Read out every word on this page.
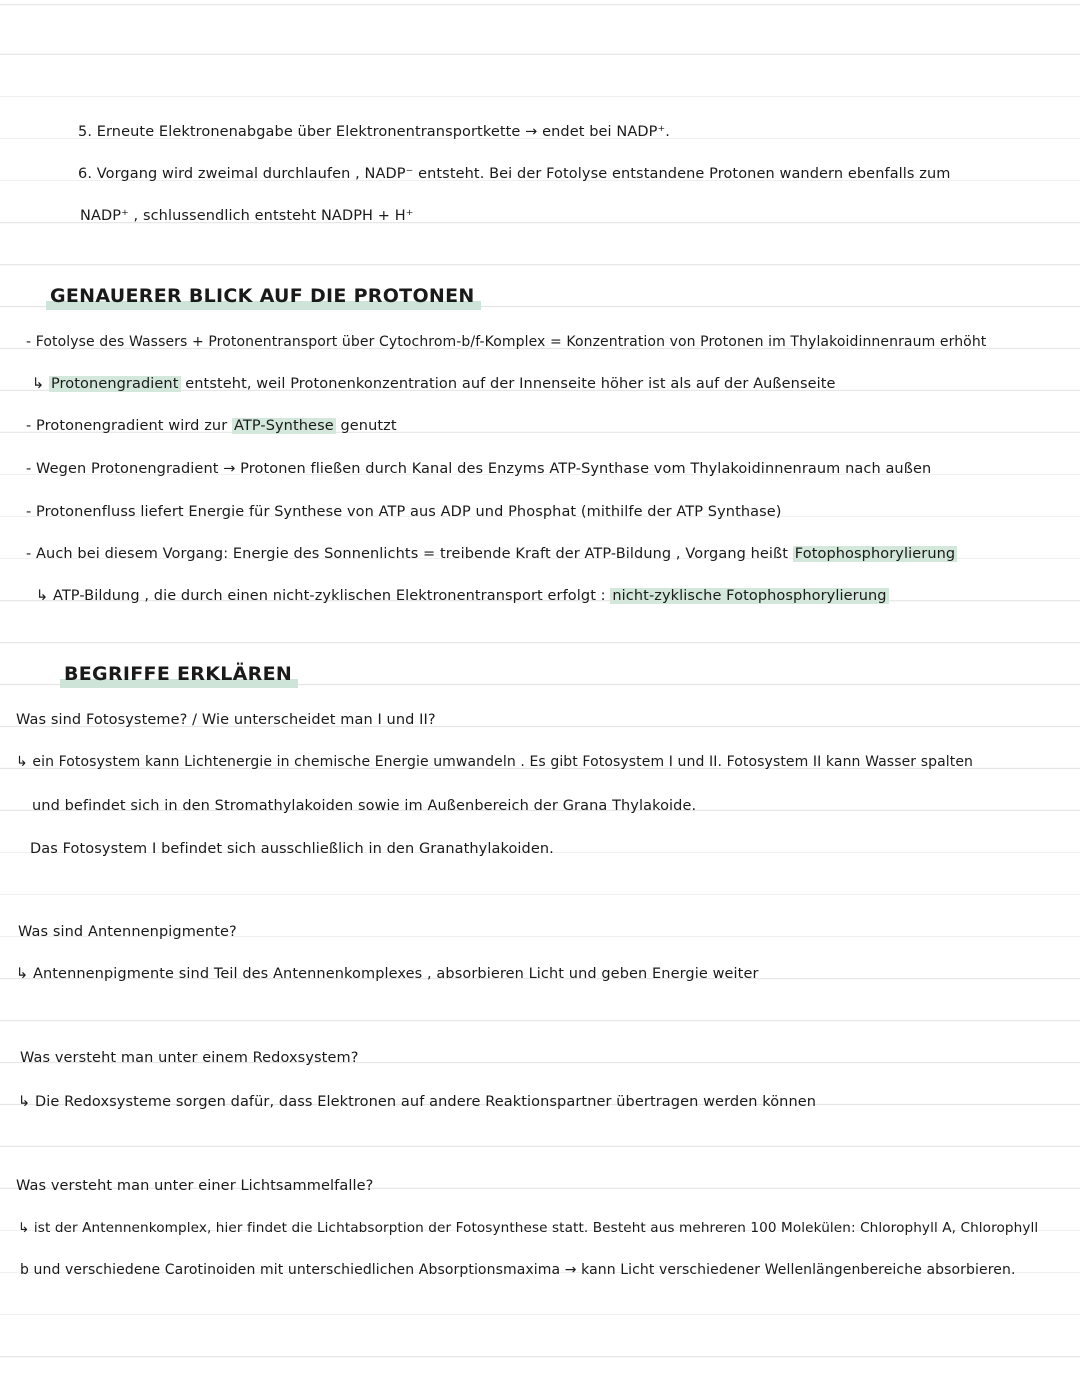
5. Erneute Elektronenabgabe über Elektronentransportkette → endet bei NADP⁺.
6. Vorgang wird zweimal durchlaufen , NADP⁻ entsteht. Bei der Fotolyse entstandene Protonen wandern ebenfalls zum
NADP⁺ , schlussendlich entsteht NADPH + H⁺
GENAUERER BLICK AUF DIE PROTONEN
- Fotolyse des Wassers + Protonentransport über Cytochrom-b/f-Komplex = Konzentration von Protonen im Thylakoidinnenraum erhöht
↳ Protonengradient entsteht, weil Protonenkonzentration auf der Innenseite höher ist als auf der Außenseite
- Protonengradient wird zur ATP-Synthese genutzt
- Wegen Protonengradient → Protonen fließen durch Kanal des Enzyms ATP-Synthase vom Thylakoidinnenraum nach außen
- Protonenfluss liefert Energie für Synthese von ATP aus ADP und Phosphat (mithilfe der ATP Synthase)
- Auch bei diesem Vorgang: Energie des Sonnenlichts = treibende Kraft der ATP-Bildung , Vorgang heißt Fotophosphorylierung
↳ ATP-Bildung , die durch einen nicht-zyklischen Elektronentransport erfolgt : nicht-zyklische Fotophosphorylierung
BEGRIFFE ERKLÄREN
Was sind Fotosysteme? / Wie unterscheidet man I und II?
↳ ein Fotosystem kann Lichtenergie in chemische Energie umwandeln . Es gibt Fotosystem I und II. Fotosystem II kann Wasser spalten
und befindet sich in den Stromathylakoiden sowie im Außenbereich der Grana Thylakoide.
Das Fotosystem I befindet sich ausschließlich in den Granathylakoiden.
Was sind Antennenpigmente?
↳ Antennenpigmente sind Teil des Antennenkomplexes , absorbieren Licht und geben Energie weiter
Was versteht man unter einem Redoxsystem?
↳ Die Redoxsysteme sorgen dafür, dass Elektronen auf andere Reaktionspartner übertragen werden können
Was versteht man unter einer Lichtsammelfalle?
↳ ist der Antennenkomplex, hier findet die Lichtabsorption der Fotosynthese statt. Besteht aus mehreren 100 Molekülen: Chlorophyll A, Chlorophyll
b und verschiedene Carotinoiden mit unterschiedlichen Absorptionsmaxima → kann Licht verschiedener Wellenlängenbereiche absorbieren.
